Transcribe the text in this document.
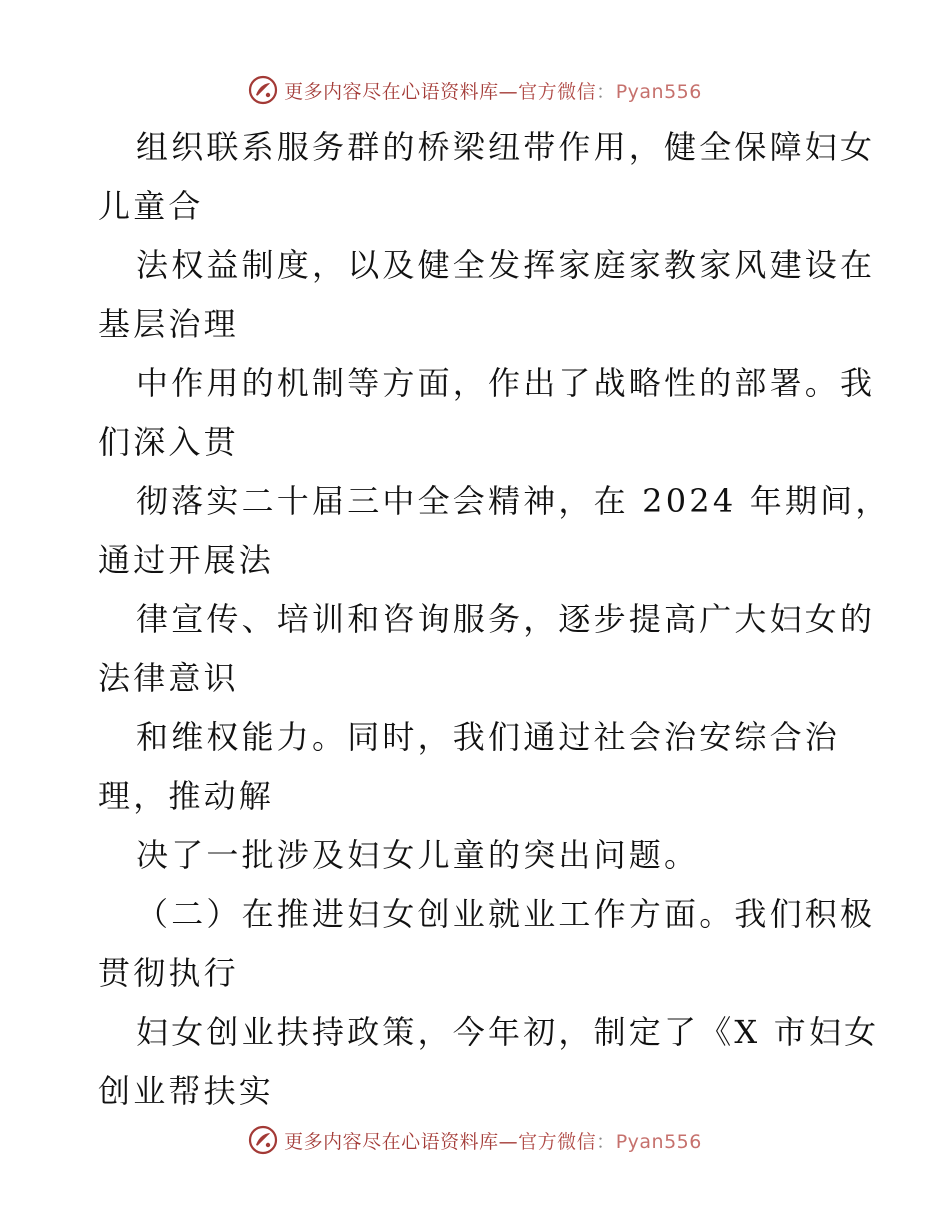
更多内容尽在心语资料库—官方微信：Pyan556

组织联系服务群的桥梁纽带作用，健全保障妇女
儿童合

法权益制度，以及健全发挥家庭家教家风建设在
基层治理

中作用的机制等方面，作出了战略性的部署。我
们深入贯

彻落实二十届三中全会精神，在 2024 年期间，
通过开展法

律宣传、培训和咨询服务，逐步提高广大妇女的
法律意识

和维权能力。同时，我们通过社会治安综合治
理，推动解

决了一批涉及妇女儿童的突出问题。

（二）在推进妇女创业就业工作方面。我们积极
贯彻执行

妇女创业扶持政策，今年初，制定了《X 市妇女
创业帮扶实

更多内容尽在心语资料库—官方微信：Pyan556
